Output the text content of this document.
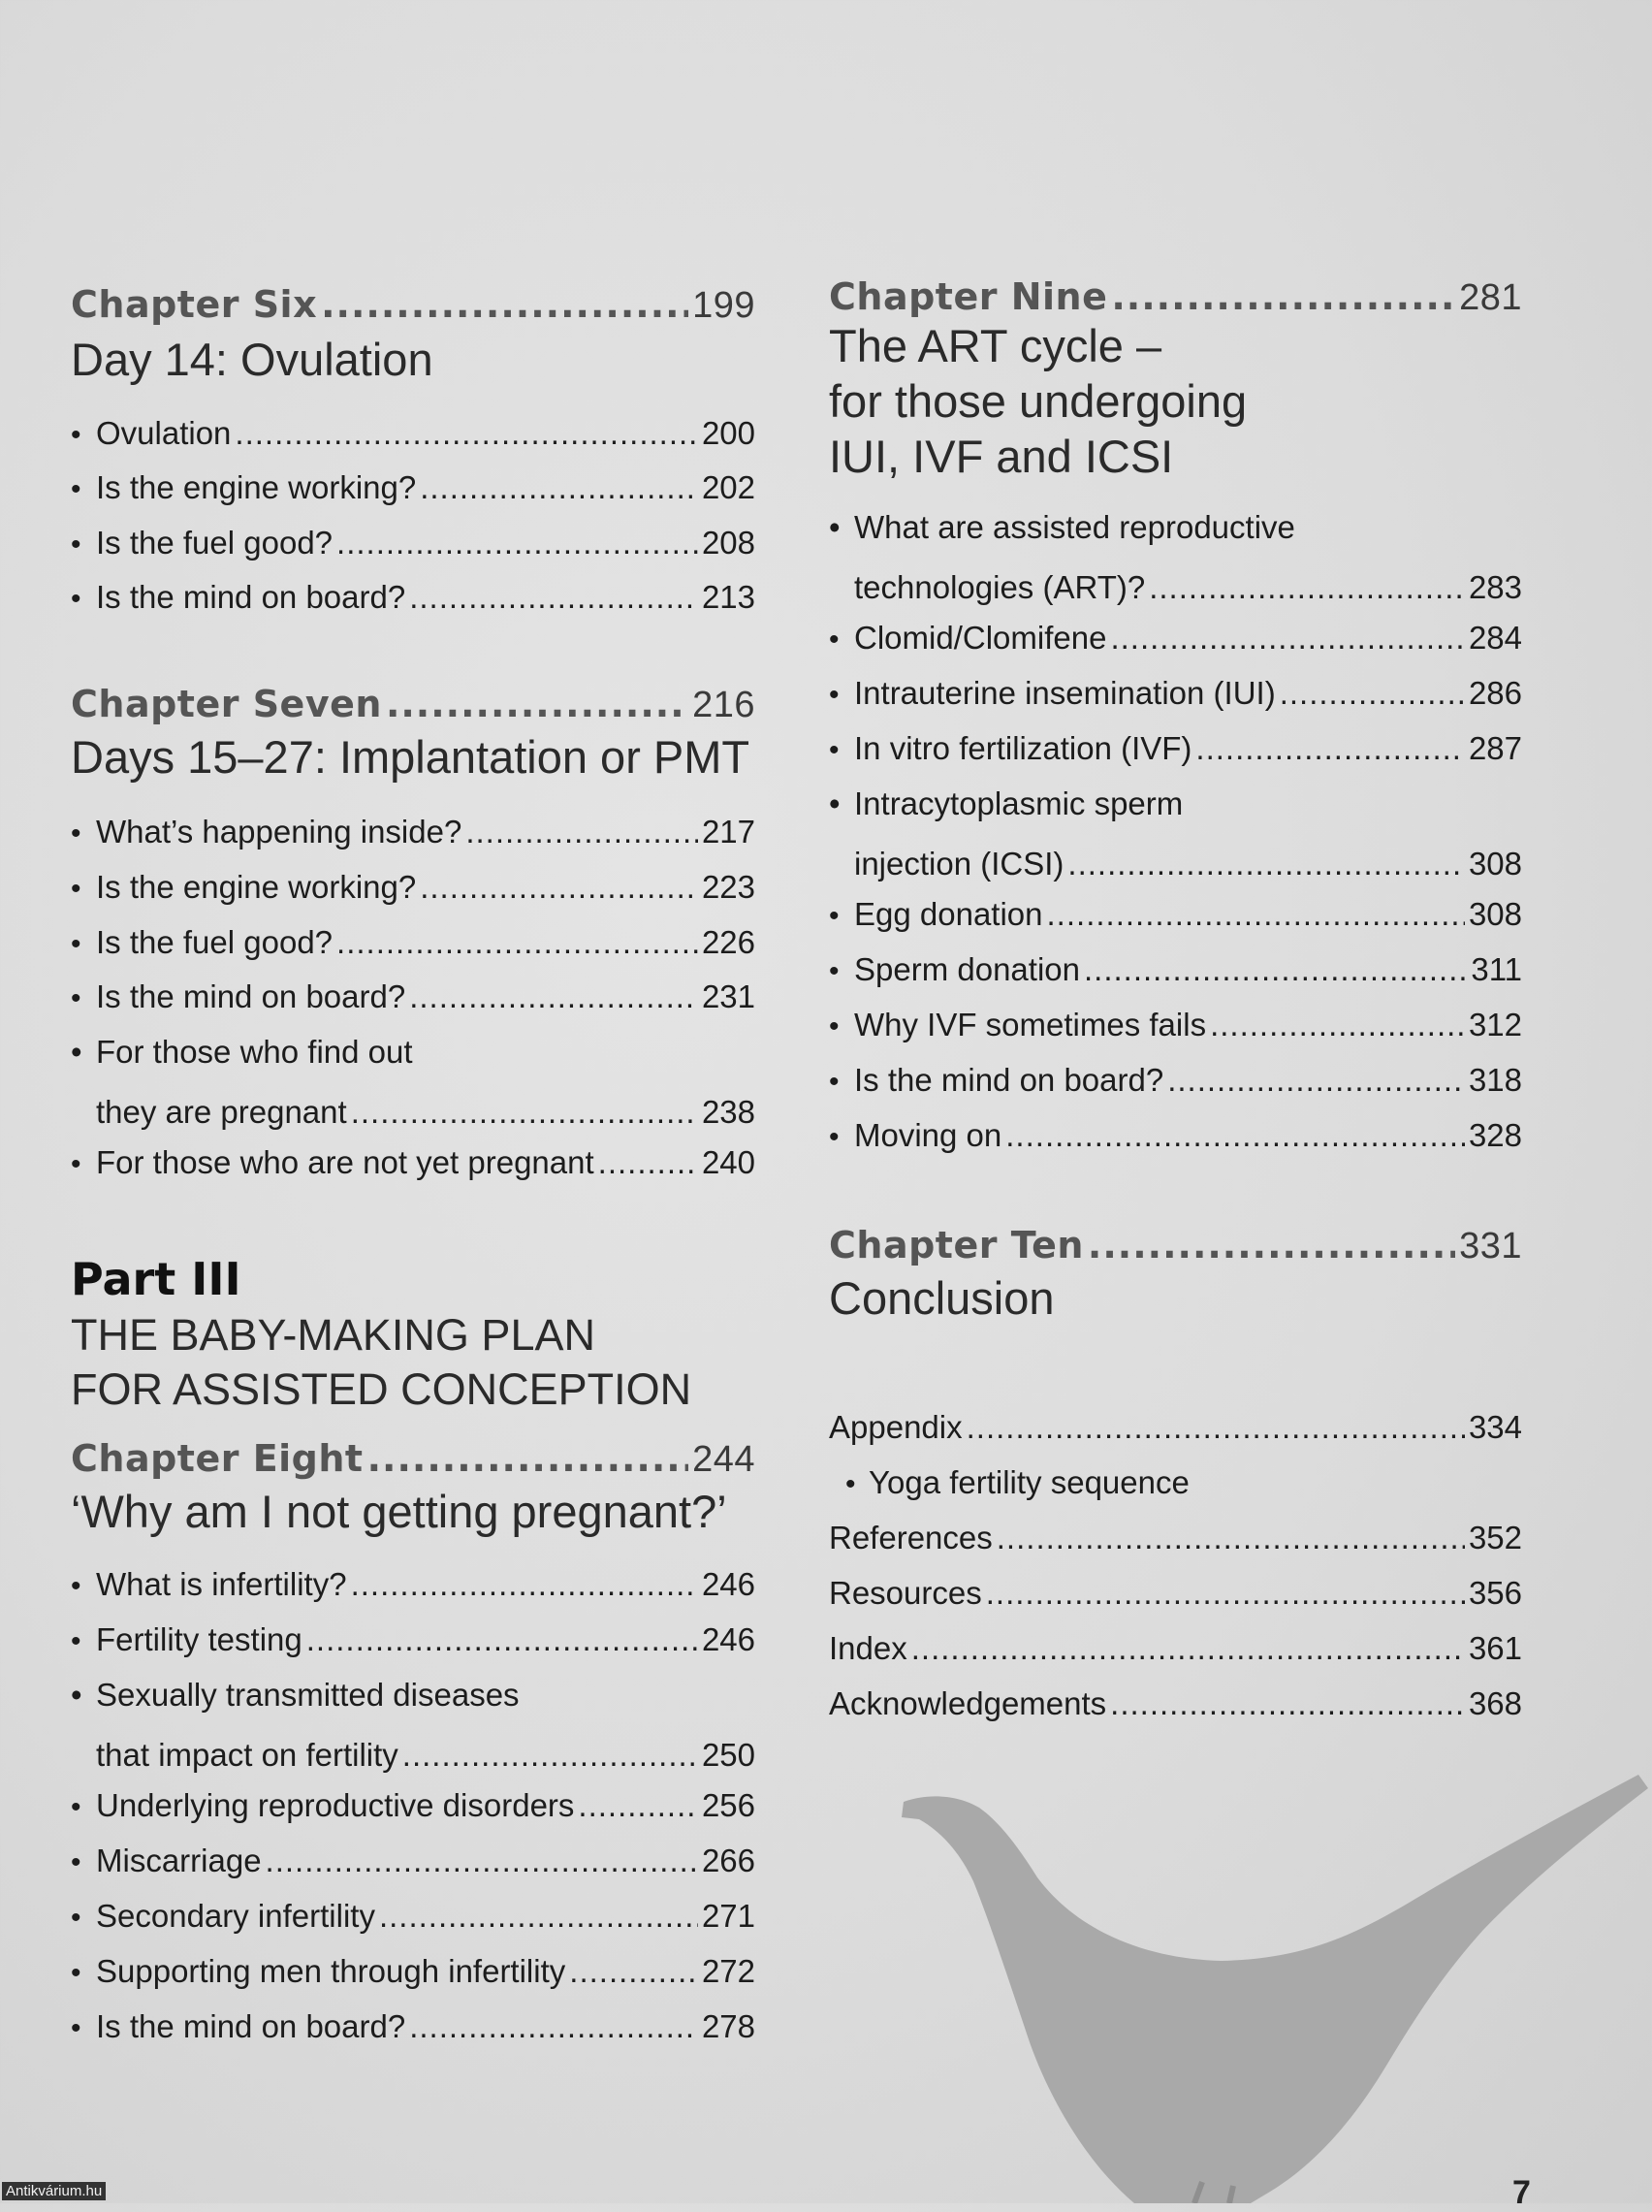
Chapter Six .....	199
Day 14: Ovulation
• Ovulation .....	200
• Is the engine working? .....	202
• Is the fuel good? .....	208
• Is the mind on board? .....	213
Chapter Seven .....	216
Days 15–27: Implantation or PMT
• What’s happening inside? .....	217
• Is the engine working? .....	223
• Is the fuel good? .....	226
• Is the mind on board? .....	231
• For those who find out
they are pregnant .....	238
• For those who are not yet pregnant .....	240
Part III
THE BABY-MAKING PLAN
FOR ASSISTED CONCEPTION
Chapter Eight .....	244
‘Why am I not getting pregnant?’
• What is infertility? .....	246
• Fertility testing .....	246
• Sexually transmitted diseases
that impact on fertility .....	250
• Underlying reproductive disorders .....	256
• Miscarriage .....	266
• Secondary infertility .....	271
• Supporting men through infertility .....	272
• Is the mind on board? .....	278
Chapter Nine .....	281
The ART cycle –
for those undergoing
IUI, IVF and ICSI
• What are assisted reproductive
technologies (ART)? .....	283
• Clomid/Clomifene .....	284
• Intrauterine insemination (IUI) .....	286
• In vitro fertilization (IVF) .....	287
• Intracytoplasmic sperm
injection (ICSI) .....	308
• Egg donation .....	308
• Sperm donation .....	311
• Why IVF sometimes fails .....	312
• Is the mind on board? .....	318
• Moving on .....	328
Chapter Ten .....	331
Conclusion
Appendix .....	334
• Yoga fertility sequence
References .....	352
Resources .....	356
Index .....	361
Acknowledgements .....	368
7
Antikvárium.hu
